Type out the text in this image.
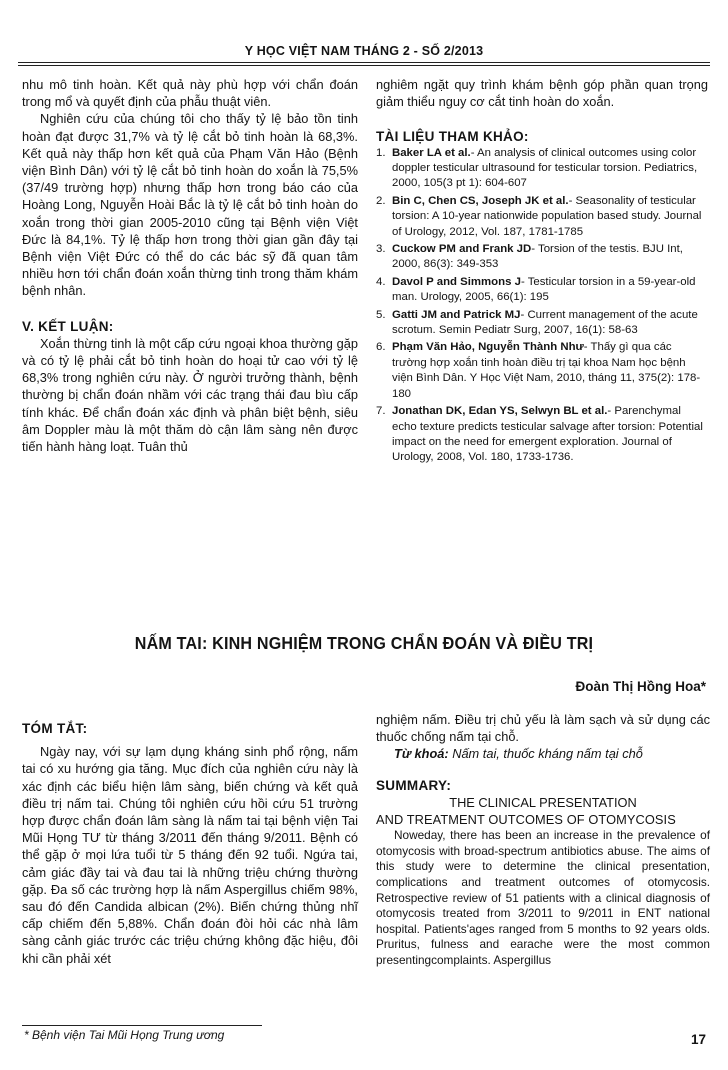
Y HỌC VIỆT NAM THÁNG 2 - SỐ 2/2013

nhu mô tinh hoàn. Kết quả này phù hợp với chẩn đoán trong mổ và quyết định của phẫu thuật viên.

Nghiên cứu của chúng tôi cho thấy tỷ lệ bảo tồn tinh hoàn đạt được 31,7% và tỷ lệ cắt bỏ tinh hoàn là 68,3%. Kết quả này thấp hơn kết quả của Phạm Văn Hảo (Bệnh viện Bình Dân) với tỷ lệ cắt bỏ tinh hoàn do xoắn là 75,5% (37/49 trường hợp) nhưng thấp hơn trong báo cáo của Hoàng Long, Nguyễn Hoài Bắc là tỷ lệ cắt bỏ tinh hoàn do xoắn trong thời gian 2005-2010 cũng tại Bệnh viện Việt Đức là 84,1%. Tỷ lệ thấp hơn trong thời gian gần đây tại Bệnh viện Việt Đức có thể do các bác sỹ đã quan tâm nhiều hơn tới chẩn đoán xoắn thừng tinh trong thăm khám bệnh nhân.

V. KẾT LUẬN:

Xoắn thừng tinh là một cấp cứu ngoại khoa thường gặp và có tỷ lệ phải cắt bỏ tinh hoàn do hoại tử cao với tỷ lệ 68,3% trong nghiên cứu này. Ở người trưởng thành, bệnh thường bị chẩn đoán nhầm với các trạng thái đau bìu cấp tính khác. Để chẩn đoán xác định và phân biệt bệnh, siêu âm Doppler màu là một thăm dò cận lâm sàng nên được tiến hành hàng loạt. Tuân thủ

nghiêm ngặt quy trình khám bệnh góp phần quan trọng giảm thiểu nguy cơ cắt tinh hoàn do xoắn.

TÀI LIỆU THAM KHẢO:

1. Baker LA et al.- An analysis of clinical outcomes using color doppler testicular ultrasound for testicular torsion. Pediatrics, 2000, 105(3 pt 1): 604-607
2. Bin C, Chen CS, Joseph JK et al.- Seasonality of testicular torsion: A 10-year nationwide population based study. Journal of Urology, 2012, Vol. 187, 1781-1785
3. Cuckow PM and Frank JD- Torsion of the testis. BJU Int, 2000, 86(3): 349-353
4. Davol P and Simmons J- Testicular torsion in a 59-year-old man. Urology, 2005, 66(1): 195
5. Gatti JM and Patrick MJ- Current management of the acute scrotum. Semin Pediatr Surg, 2007, 16(1): 58-63
6. Phạm Văn Hảo, Nguyễn Thành Như- Thấy gì qua các trường hợp xoắn tinh hoàn điều trị tại khoa Nam học bệnh viện Bình Dân. Y Học Việt Nam, 2010, tháng 11, 375(2): 178-180
7. Jonathan DK, Edan YS, Selwyn BL et al.- Parenchymal echo texture predicts testicular salvage after torsion: Potential impact on the need for emergent exploration. Journal of Urology, 2008, Vol. 180, 1733-1736.
NẤM TAI: KINH NGHIỆM TRONG CHẨN ĐOÁN VÀ ĐIỀU TRỊ
Đoàn Thị Hồng Hoa*

TÓM TẮT:

Ngày nay, với sự lạm dụng kháng sinh phổ rộng, nấm tai có xu hướng gia tăng. Mục đích của nghiên cứu này là xác định các biểu hiện lâm sàng, biến chứng và kết quả điều trị nấm tai. Chúng tôi nghiên cứu hồi cứu 51 trường hợp được chẩn đoán lâm sàng là nấm tai tại bệnh viện Tai Mũi Họng TƯ từ tháng 3/2011 đến tháng 9/2011. Bệnh có thể gặp ở mọi lứa tuổi từ 5 tháng đến 92 tuổi. Ngứa tai, cảm giác đầy tai và đau tai là những triệu chứng thường gặp. Đa số các trường hợp là nấm Aspergillus chiếm 98%, sau đó đến Candida albican (2%). Biến chứng thủng nhĩ cấp chiếm đến 5,88%. Chẩn đoán đòi hỏi các nhà lâm sàng cảnh giác trước các triệu chứng không đặc hiệu, đôi khi cần phải xét

nghiệm nấm. Điều trị chủ yếu là làm sạch và sử dụng các thuốc chống nấm tại chỗ.

Từ khoá: Nấm tai, thuốc kháng nấm tại chỗ

SUMMARY:

THE CLINICAL PRESENTATION

AND TREATMENT OUTCOMES OF OTOMYCOSIS

Noweday, there has been an increase in the prevalence of otomycosis with broad-spectrum antibiotics abuse. The aims of this study were to determine the clinical presentation, complications and treatment outcomes of otomycosis. Retrospective review of 51 patients with a clinical diagnosis of otomycosis treated from 3/2011 to 9/2011 in ENT national hospital. Patients'ages ranged from 5 months to 92 years olds. Pruritus, fulness and earache were the most common presentingcomplaints. Aspergillus

* Bệnh viện Tai Mũi Họng Trung ương	17
